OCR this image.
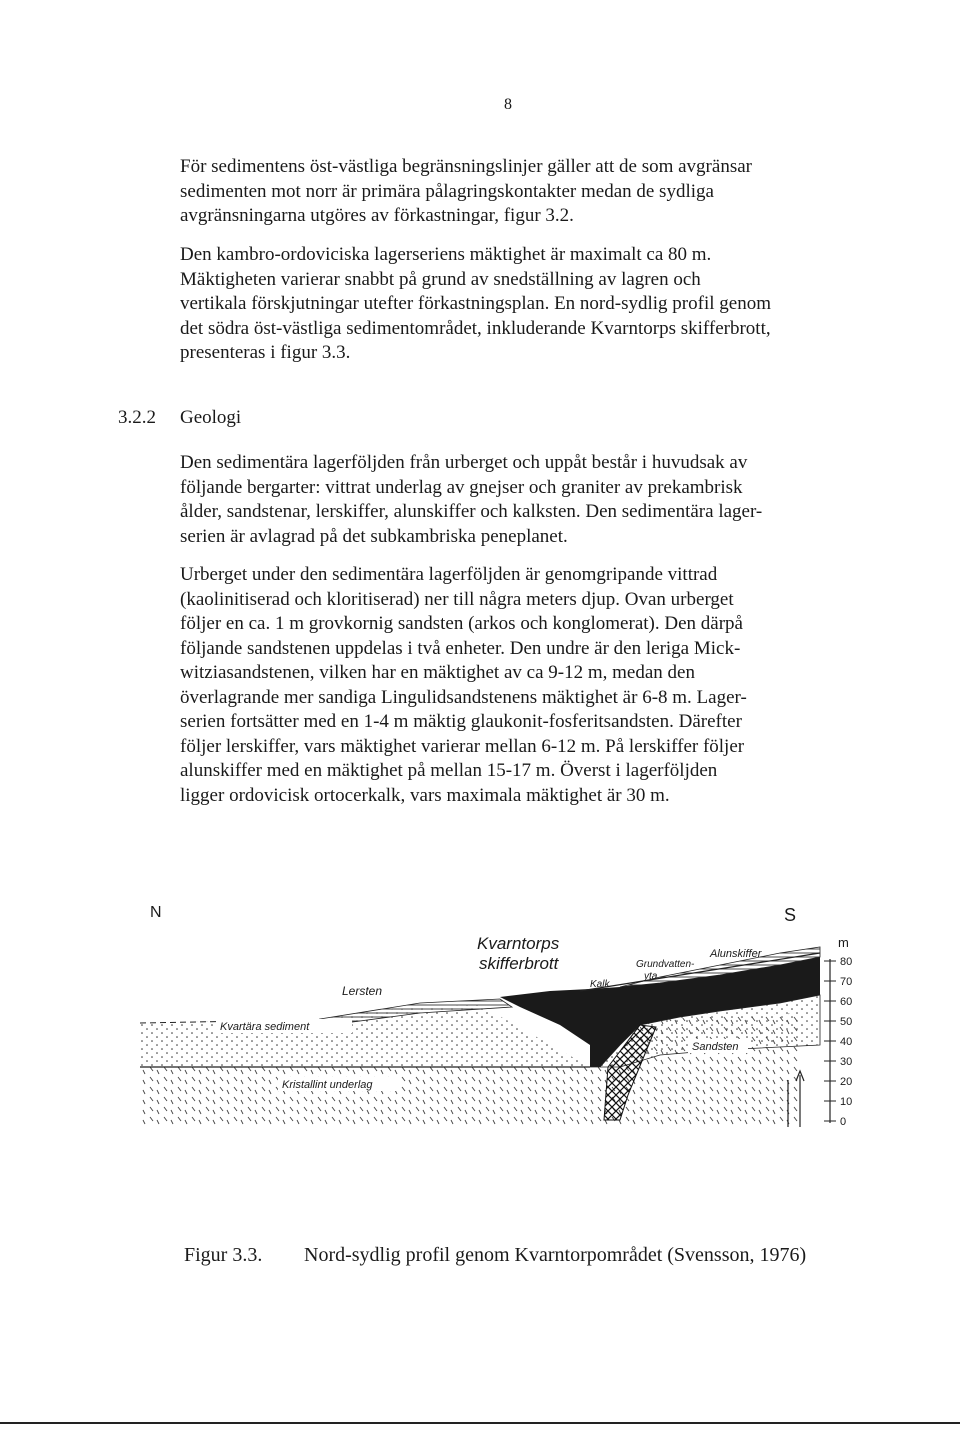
8
För sedimentens öst-västliga begränsningslinjer gäller att de som avgränsar
sedimenten mot norr är primära pålagringskontakter medan de sydliga
avgränsningarna utgöres av förkastningar, figur 3.2.
Den kambro-ordoviciska lagerseriens mäktighet är maximalt ca 80 m.
Mäktigheten varierar snabbt på grund av snedställning av lagren och
vertikala förskjutningar utefter förkastningsplan. En nord-sydlig profil genom
det södra öst-västliga sedimentområdet, inkluderande Kvarntorps skifferbrott,
presenteras i figur 3.3.
3.2.2 Geologi
Den sedimentära lagerföljden från urberget och uppåt består i huvudsak av
följande bergarter: vittrat underlag av gnejser och graniter av prekambrisk
ålder, sandstenar, lerskiffer, alunskiffer och kalksten. Den sedimentära lager-
serien är avlagrad på det subkambriska peneplanet.
Urberget under den sedimentära lagerföljden är genomgripande vittrad
(kaolinitiserad och kloritiserad) ner till några meters djup. Ovan urberget
följer en ca. 1 m grovkornig sandsten (arkos och konglomerat). Den därpå
följande sandstenen uppdelas i två enheter. Den undre är den leriga Mick-
witziasandstenen, vilken har en mäktighet av ca 9-12 m, medan den
överlagrande mer sandiga Lingulidsandstenens mäktighet är 6-8 m. Lager-
serien fortsätter med en 1-4 m mäktig glaukonit-fosferitsandsten. Därefter
följer lerskiffer, vars mäktighet varierar mellan 6-12 m. På lerskiffer följer
alunskiffer med en mäktighet på mellan 15-17 m. Överst i lagerföljden
ligger ordovicisk ortocerkalk, vars maximala mäktighet är 30 m.
N	S
Kvarntorps
skifferbrott
Lersten
Kvartära sediment
Kristallint underlag
Kalk
Grundvatten-
yta
Alunskiffer
Sandsten
m
80
70
60
50
40
30
20
10
0
Figur 3.3. Nord-sydlig profil genom Kvarntorpområdet (Svensson, 1976)
